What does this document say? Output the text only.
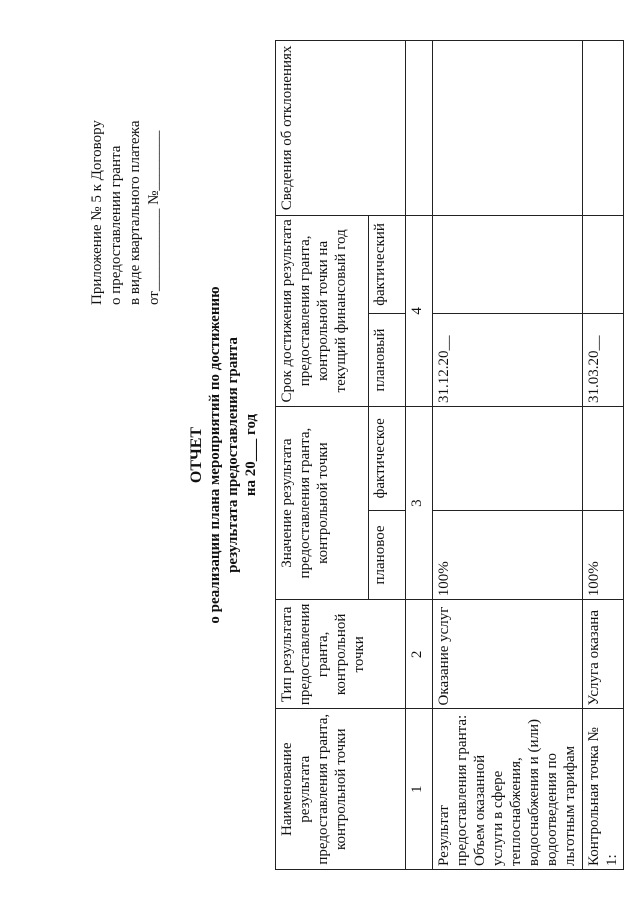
Приложение № 5 к Договору о предоставлении гранта в виде квартального платежа от___________ №________
ОТЧЕТ о реализации плана мероприятий по достижению результата предоставления гранта на 20___ год
Наименование результата предоставления гранта, контрольной точки	Тип результата предоставления гранта, контрольной точки	Значение результата предоставления гранта, контрольной точки		Срок достижения результата предоставления гранта, контрольной точки на текущий финансовый год		Сведения об отклонениях
		плановое	фактическое	плановый	фактический	
1	2	3		4		
Результат предоставления гранта: Объем оказанной услуги в сфере теплоснабжения, водоснабжения и (или) водоотведения по льготным тарифам	Оказание услуг	100%		31.12.20__		
Контрольная точка № 1:	Услуга оказана	100%		31.03.20__		
